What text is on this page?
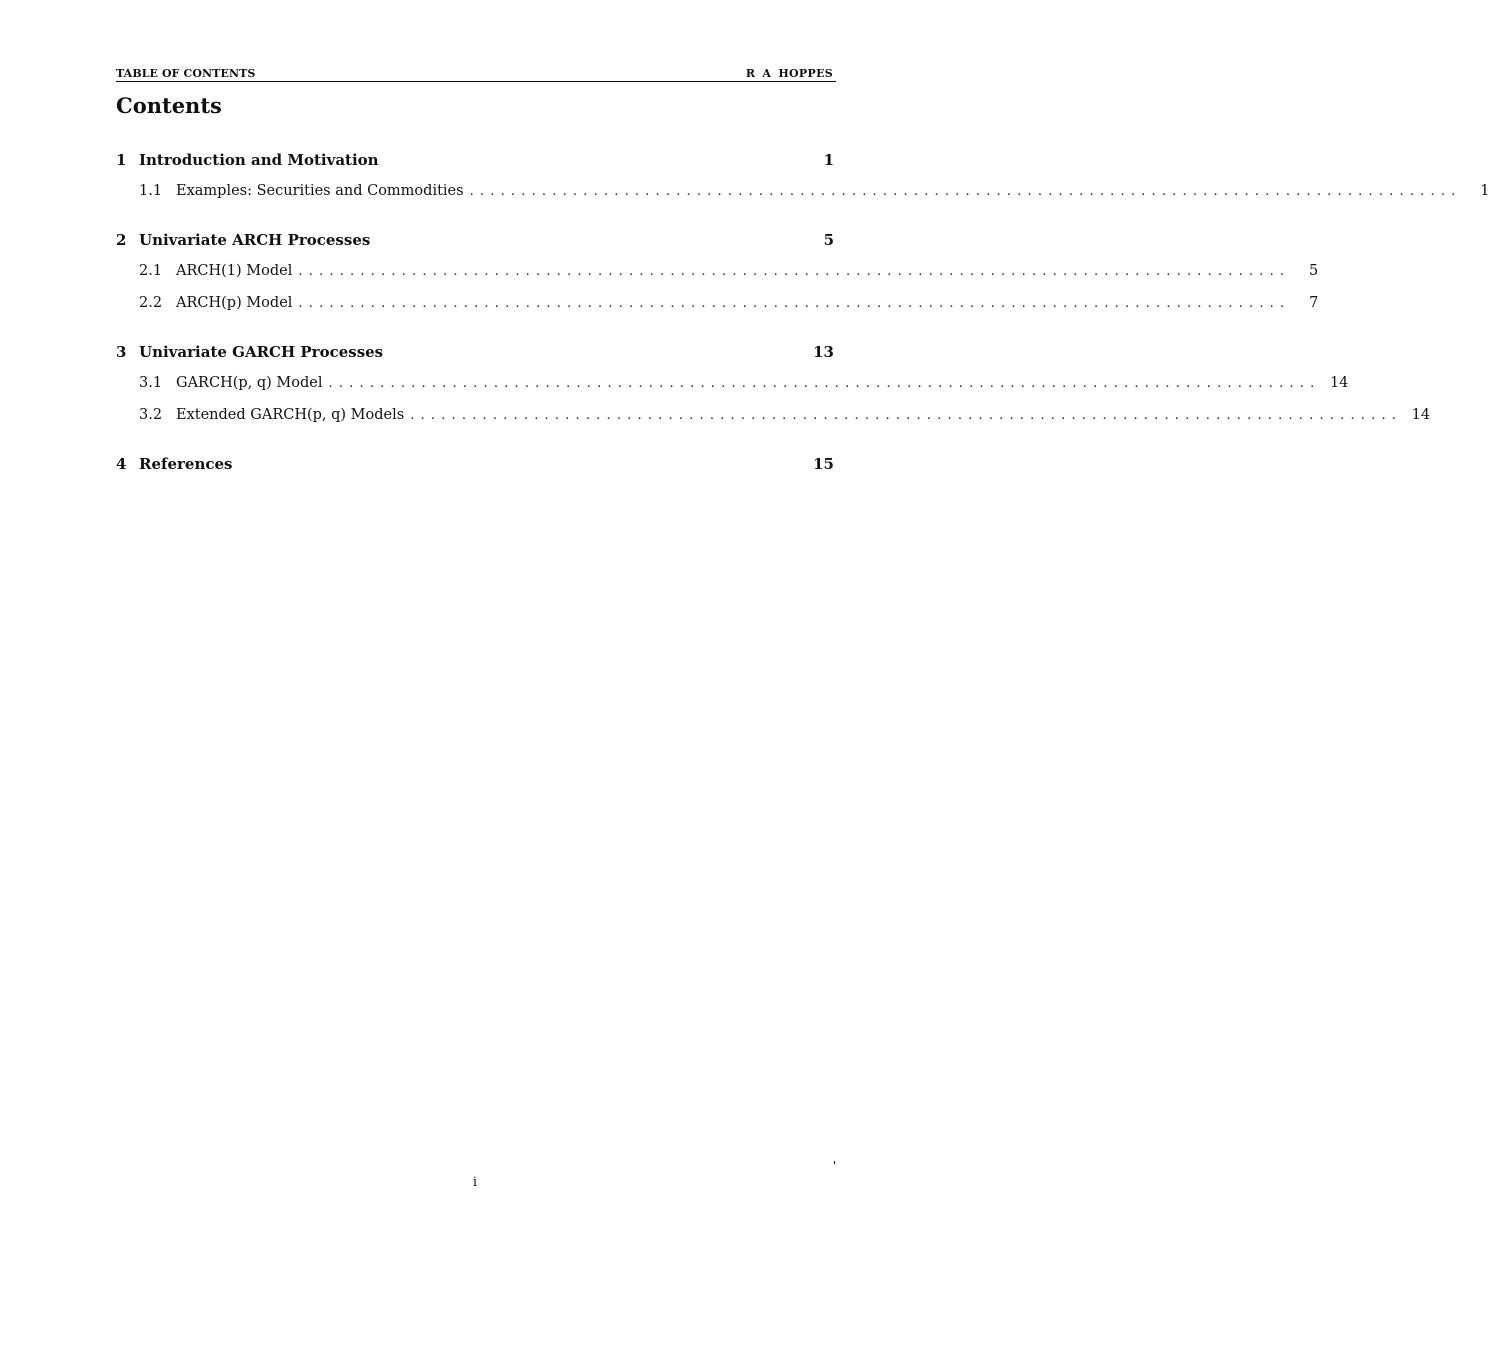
TABLE OF CONTENTS	R A HOPPES
Contents
1 Introduction and Motivation	1
1.1 Examples: Securities and Commodities ................................................................................................	1
2 Univariate ARCH Processes	5
2.1 ARCH(1) Model ................................................................................................	5
2.2 ARCH(p) Model ................................................................................................	7
3 Univariate GARCH Processes	13
3.1 GARCH(p, q) Model ................................................................................................ 14
3.2 Extended GARCH(p, q) Models ................................................................................................ 14
4 References	15
i
